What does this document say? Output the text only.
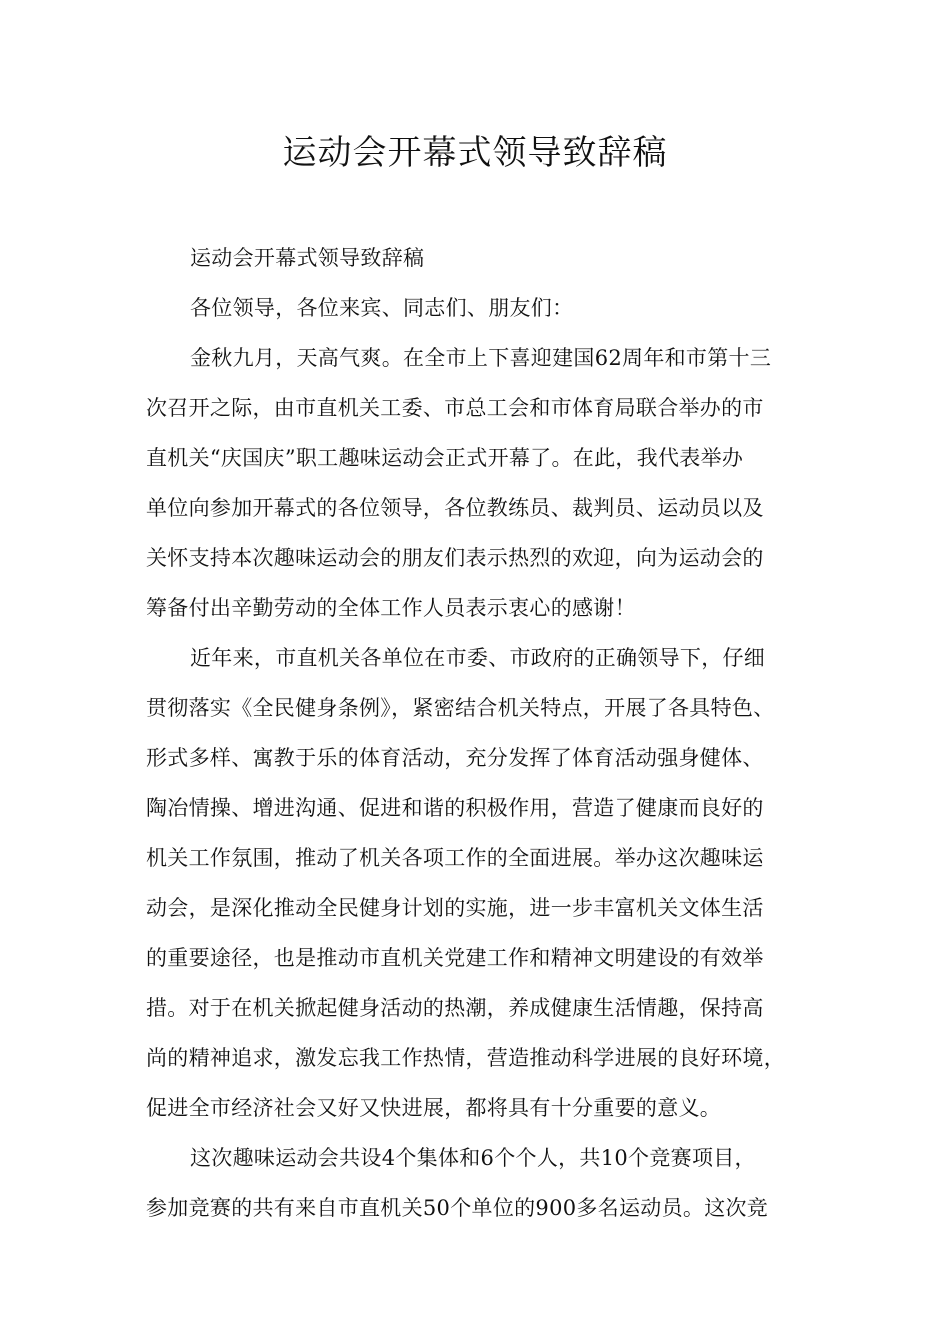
运动会开幕式领导致辞稿
运动会开幕式领导致辞稿
各位领导，各位来宾、同志们、朋友们：
金秋九月，天高气爽。在全市上下喜迎建国62周年和市第十三
次召开之际，由市直机关工委、市总工会和市体育局联合举办的市
直机关“庆国庆”职工趣味运动会正式开幕了。在此，我代表举办
单位向参加开幕式的各位领导，各位教练员、裁判员、运动员以及
关怀支持本次趣味运动会的朋友们表示热烈的欢迎，向为运动会的
筹备付出辛勤劳动的全体工作人员表示衷心的感谢！
近年来，市直机关各单位在市委、市政府的正确领导下，仔细
贯彻落实《全民健身条例》，紧密结合机关特点，开展了各具特色、
形式多样、寓教于乐的体育活动，充分发挥了体育活动强身健体、
陶冶情操、增进沟通、促进和谐的积极作用，营造了健康而良好的
机关工作氛围，推动了机关各项工作的全面进展。举办这次趣味运
动会，是深化推动全民健身计划的实施，进一步丰富机关文体生活
的重要途径，也是推动市直机关党建工作和精神文明建设的有效举
措。对于在机关掀起健身活动的热潮，养成健康生活情趣，保持高
尚的精神追求，激发忘我工作热情，营造推动科学进展的良好环境，
促进全市经济社会又好又快进展，都将具有十分重要的意义。
这次趣味运动会共设4个集体和6个个人，共10个竞赛项目，
参加竞赛的共有来自市直机关50个单位的900多名运动员。这次竞
